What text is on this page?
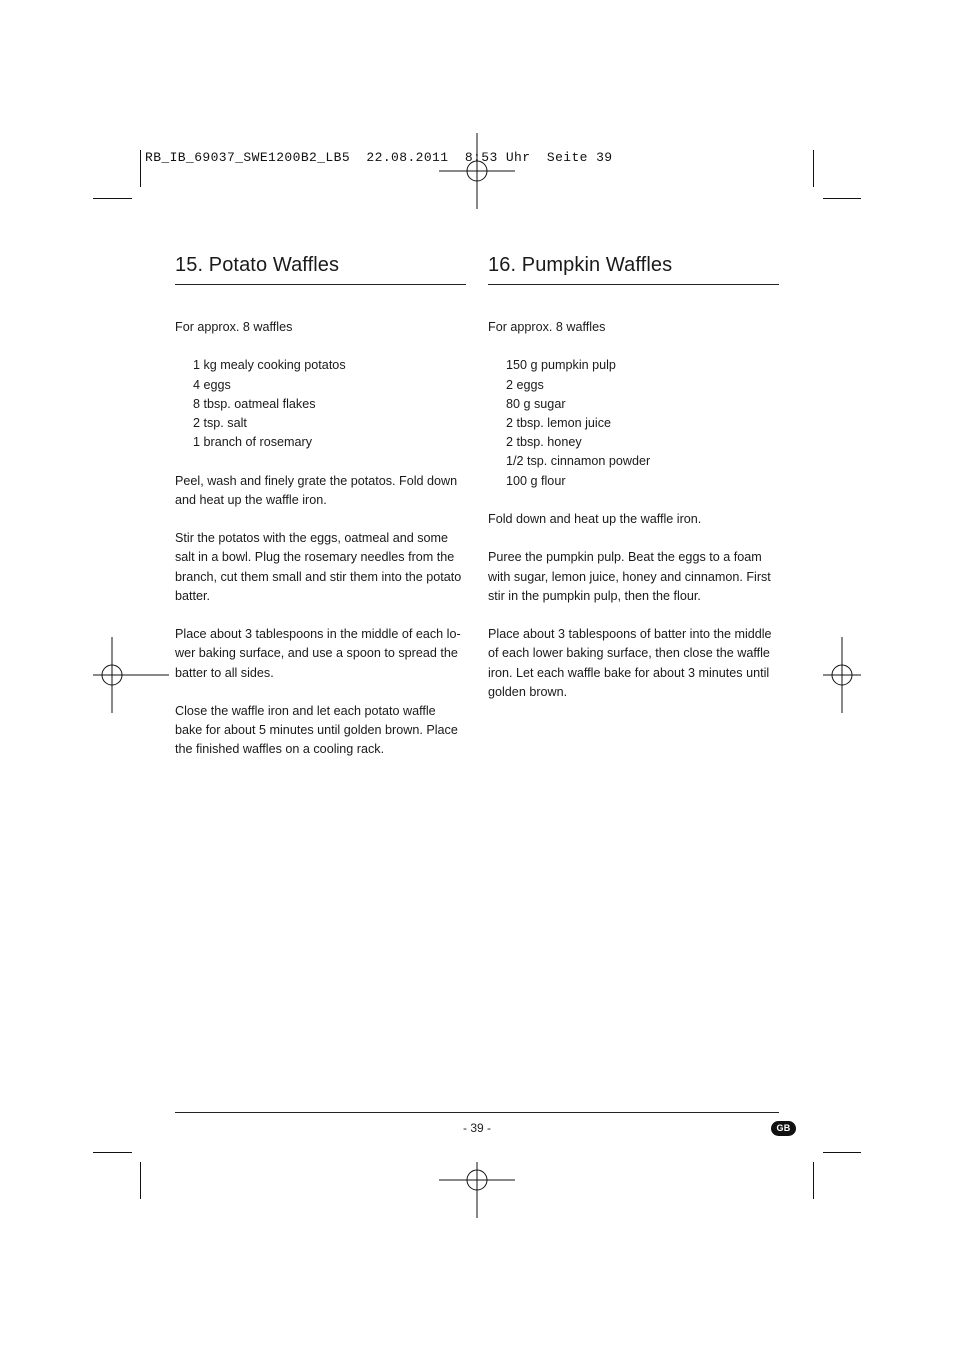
RB_IB_69037_SWE1200B2_LB5  22.08.2011  8:53 Uhr  Seite 39
15. Potato Waffles
For approx. 8 waffles
1 kg mealy cooking potatos
4 eggs
8 tbsp. oatmeal flakes
2 tsp. salt
1 branch of rosemary

Peel, wash and finely grate the potatos. Fold down
and heat up the waffle iron.

Stir the potatos with the eggs, oatmeal and some
salt in a bowl. Plug the rosemary needles from the
branch, cut them small and stir them into the potato
batter.

Place about 3 tablespoons in the middle of each lo-
wer baking surface, and use a spoon to spread the
batter to all sides.

Close the waffle iron and let each potato waffle
bake for about 5 minutes until golden brown. Place
the finished waffles on a cooling rack.

16. Pumpkin Waffles
For approx. 8 waffles
150 g pumpkin pulp
2 eggs
80 g sugar
2 tbsp. lemon juice
2 tbsp. honey
1/2 tsp. cinnamon powder
100 g flour

Fold down and heat up the waffle iron.

Puree the pumpkin pulp. Beat the eggs to a foam
with sugar, lemon juice, honey and cinnamon. First
stir in the pumpkin pulp, then the flour.

Place about 3 tablespoons of batter into the middle
of each lower baking surface, then close the waffle
iron. Let each waffle bake for about 3 minutes until
golden brown.

- 39 -	GB
